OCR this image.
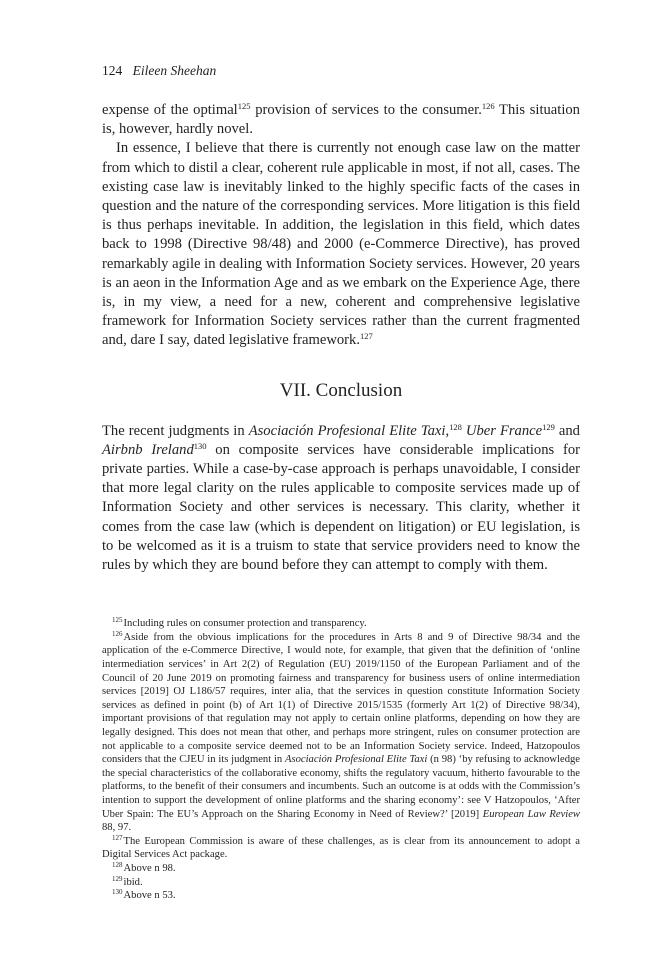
124 Eileen Sheehan

expense of the optimal$^{125}$ provision of services to the consumer.$^{126}$ This situation is, however, hardly novel.

In essence, I believe that there is currently not enough case law on the matter from which to distil a clear, coherent rule applicable in most, if not all, cases. The existing case law is inevitably linked to the highly specific facts of the cases in question and the nature of the corresponding services. More litigation is this field is thus perhaps inevitable. In addition, the legislation in this field, which dates back to 1998 (Directive 98/48) and 2000 (e-Commerce Directive), has proved remarkably agile in dealing with Information Society services. However, 20 years is an aeon in the Information Age and as we embark on the Experience Age, there is, in my view, a need for a new, coherent and comprehensive legislative framework for Information Society services rather than the current fragmented and, dare I say, dated legislative framework.$^{127}$

VII. Conclusion

The recent judgments in Asociación Profesional Elite Taxi,$^{128}$ Uber France$^{129}$ and Airbnb Ireland$^{130}$ on composite services have considerable implications for private parties. While a case-by-case approach is perhaps unavoidable, I consider that more legal clarity on the rules applicable to composite services made up of Information Society and other services is necessary. This clarity, whether it comes from the case law (which is dependent on litigation) or EU legislation, is to be welcomed as it is a truism to state that service providers need to know the rules by which they are bound before they can attempt to comply with them.

$^{125}$Including rules on consumer protection and transparency.

$^{126}$Aside from the obvious implications for the procedures in Arts 8 and 9 of Directive 98/34 and the application of the e-Commerce Directive, I would note, for example, that given that the definition of ‘online intermediation services’ in Art 2(2) of Regulation (EU) 2019/1150 of the European Parliament and of the Council of 20 June 2019 on promoting fairness and transparency for business users of online intermediation services [2019] OJ L186/57 requires, inter alia, that the services in question constitute Information Society services as defined in point (b) of Art 1(1) of Directive 2015/1535 (formerly Art 1(2) of Directive 98/34), important provisions of that regulation may not apply to certain online platforms, depending on how they are legally designed. This does not mean that other, and perhaps more stringent, rules on consumer protection are not applicable to a composite service deemed not to be an Information Society service. Indeed, Hatzopoulos considers that the CJEU in its judgment in Asociación Profesional Elite Taxi (n 98) ‘by refusing to acknowledge the special characteristics of the collaborative economy, shifts the regulatory vacuum, hitherto favourable to the platforms, to the benefit of their consumers and incumbents. Such an outcome is at odds with the Commission’s intention to support the development of online platforms and the sharing economy’: see V Hatzopoulos, ‘After Uber Spain: The EU’s Approach on the Sharing Economy in Need of Review?’ [2019] European Law Review 88, 97.

$^{127}$The European Commission is aware of these challenges, as is clear from its announcement to adopt a Digital Services Act package.

$^{128}$Above n 98.

$^{129}$ibid.

$^{130}$Above n 53.
